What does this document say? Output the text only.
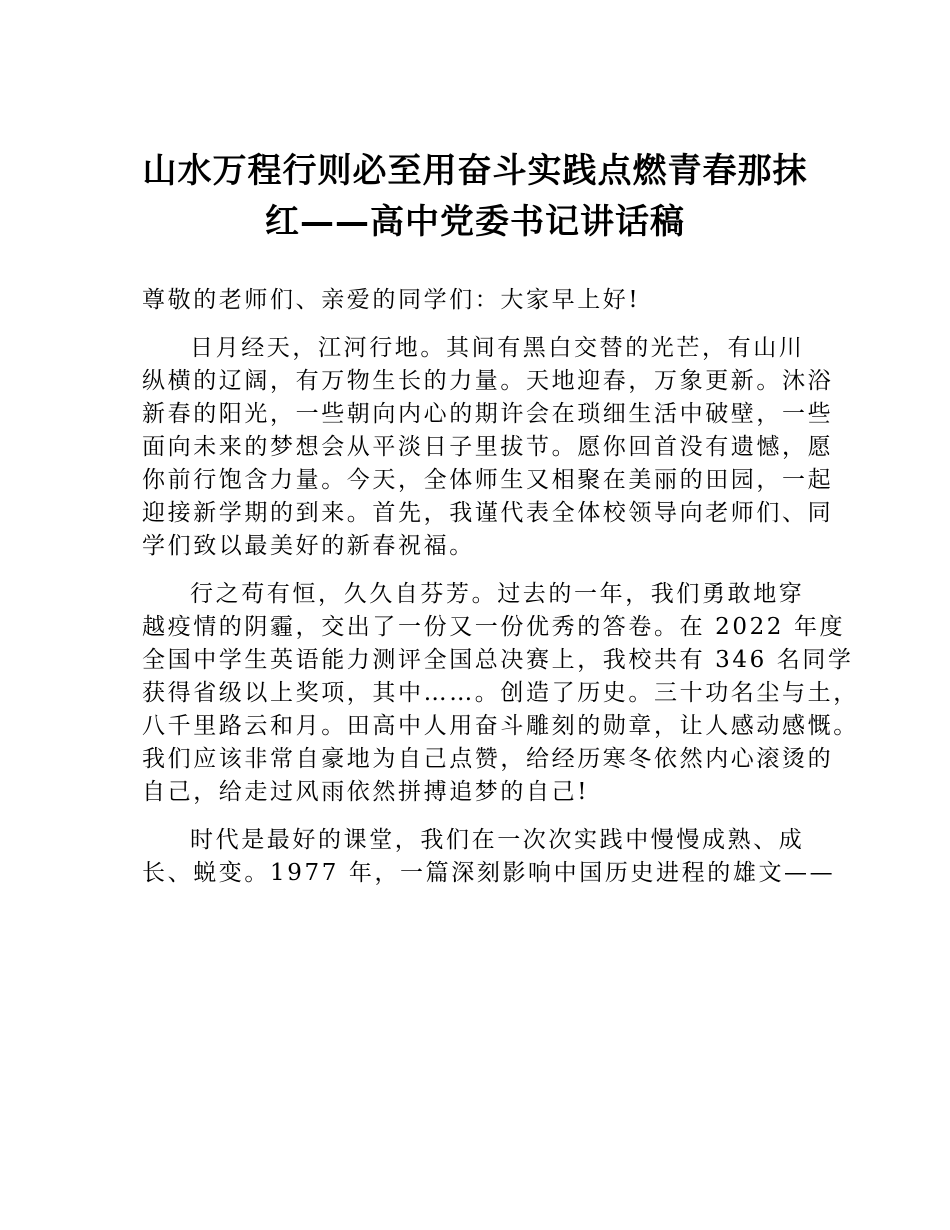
山水万程行则必至用奋斗实践点燃青春那抹
红——高中党委书记讲话稿
尊敬的老师们、亲爱的同学们：大家早上好!
日月经天，江河行地。其间有黑白交替的光芒，有山川
纵横的辽阔，有万物生长的力量。天地迎春，万象更新。沐浴
新春的阳光，一些朝向内心的期许会在琐细生活中破壁，一些
面向未来的梦想会从平淡日子里拔节。愿你回首没有遗憾，愿
你前行饱含力量。今天，全体师生又相聚在美丽的田园，一起
迎接新学期的到来。首先，我谨代表全体校领导向老师们、同
学们致以最美好的新春祝福。
行之苟有恒，久久自芬芳。过去的一年，我们勇敢地穿
越疫情的阴霾，交出了一份又一份优秀的答卷。在 2022 年度
全国中学生英语能力测评全国总决赛上，我校共有 346 名同学
获得省级以上奖项，其中……。创造了历史。三十功名尘与土，
八千里路云和月。田高中人用奋斗雕刻的勋章，让人感动感慨。
我们应该非常自豪地为自己点赞，给经历寒冬依然内心滚烫的
自己，给走过风雨依然拼搏追梦的自己!
时代是最好的课堂，我们在一次次实践中慢慢成熟、成
长、蜕变。1977 年，一篇深刻影响中国历史进程的雄文——
